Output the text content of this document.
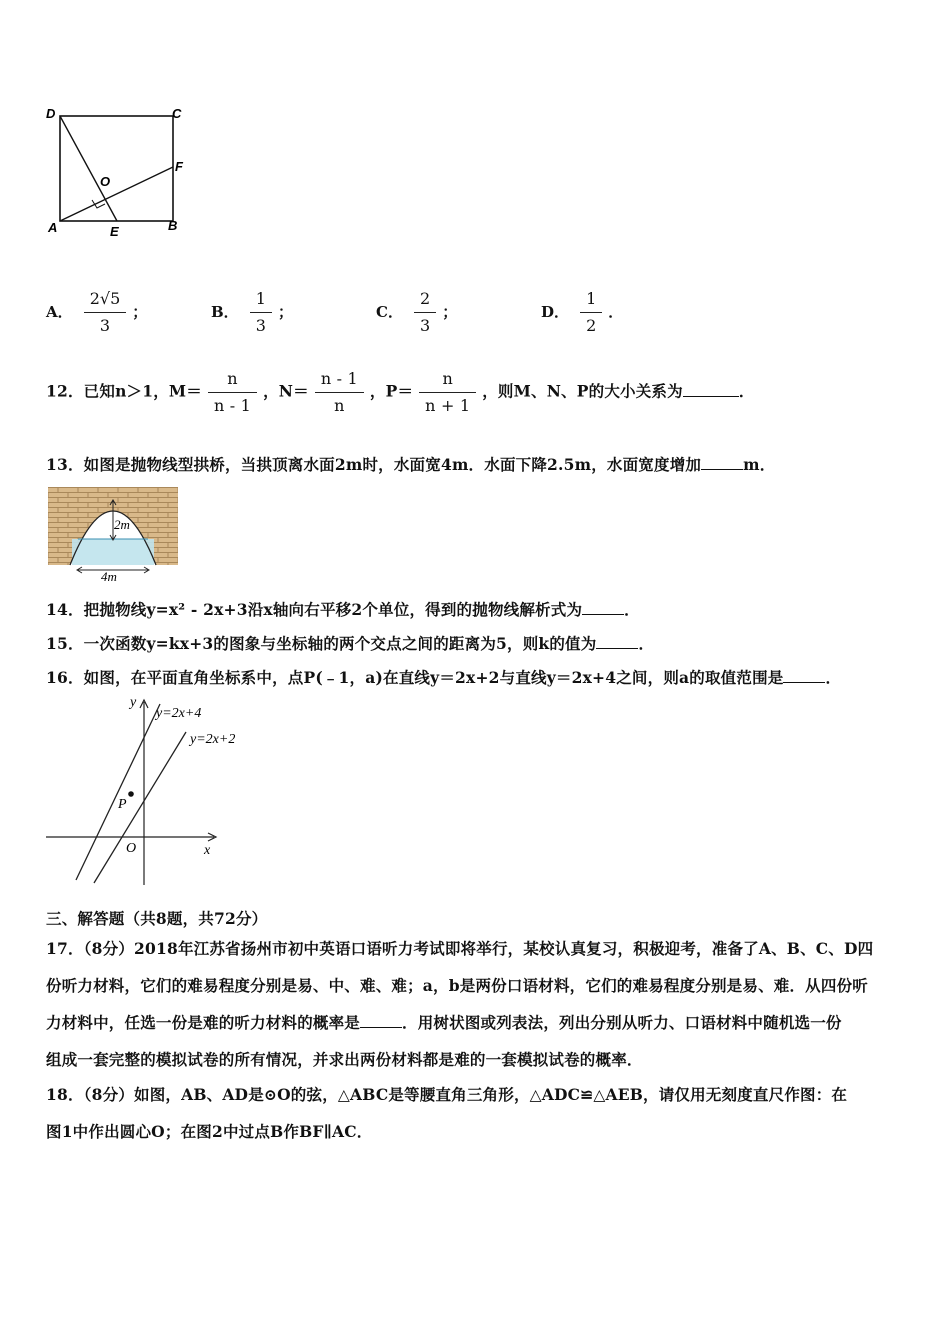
D	C
F
O
A	E	B
A． $\frac{2√5}{3}$ ；	B． $\frac{1}{3}$ ；	C． $\frac{2}{3}$ ；	D． $\frac{1}{2}$ ．
12．已知n＞1，$M= \frac{n}{n - 1}$ ，$N= \frac{n - 1}{n}$ ，$P= \frac{n}{n + 1}$ ，则M、N、P的大小关系为	．
13．如图是抛物线型拱桥，当拱顶离水面2m时，水面宽4m．水面下降2.5m，水面宽度增加	m．
2m
4m
14．把抛物线y=x² ‑ 2x+3沿x轴向右平移2个单位，得到的抛物线解析式为	．
15．一次函数y=kx+3的图象与坐标轴的两个交点之间的距离为5，则k的值为	．
16．如图，在平面直角坐标系中，点P(﹣1，a)在直线y＝2x+2与直线y＝2x+4之间，则a的取值范围是	．
y
x
O
P
y=2x+4
y=2x+2
三、解答题（共8题，共72分）
17．（8分）2018年江苏省扬州市初中英语口语听力考试即将举行，某校认真复习，积极迎考，准备了A、B、C、D四
份听力材料，它们的难易程度分别是易、中、难、难；a，b是两份口语材料，它们的难易程度分别是易、难．从四份听
力材料中，任选一份是难的听力材料的概率是	．用树状图或列表法，列出分别从听力、口语材料中随机选一份
组成一套完整的模拟试卷的所有情况，并求出两份材料都是难的一套模拟试卷的概率．
18．（8分）如图，AB、AD是⊙O的弦，△ABC是等腰直角三角形，△ADC≌△AEB，请仅用无刻度直尺作图：在
图1中作出圆心O；在图2中过点B作BF∥AC．
